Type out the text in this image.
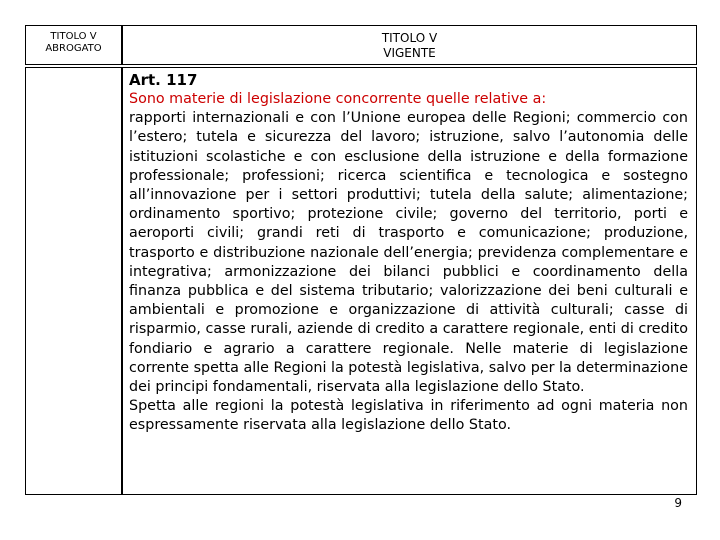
TITOLO V
ABROGATO
TITOLO V
VIGENTE

Art. 117

Sono materie di legislazione concorrente quelle relative a:

rapporti internazionali e con l’Unione europea delle Regioni; commercio con l’estero; tutela e sicurezza del lavoro; istruzione, salvo l’autonomia delle istituzioni scolastiche e con esclusione della istruzione e della formazione professionale; professioni; ricerca scientifica e tecnologica e sostegno all’innovazione per i settori produttivi; tutela della salute; alimentazione; ordinamento sportivo; protezione civile; governo del territorio, porti e aeroporti civili; grandi reti di trasporto e comunicazione; produzione, trasporto e distribuzione nazionale dell’energia; previdenza complementare e integrativa; armonizzazione dei bilanci pubblici e coordinamento della finanza pubblica e del sistema tributario; valorizzazione dei beni culturali e ambientali e promozione e organizzazione di attività culturali; casse di risparmio, casse rurali, aziende di credito a carattere regionale, enti di credito fondiario e agrario a carattere regionale. Nelle materie di legislazione corrente spetta alle Regioni la potestà legislativa, salvo per la determinazione dei principi fondamentali, riservata alla legislazione dello Stato.

Spetta alle regioni la potestà legislativa in riferimento ad ogni materia non espressamente riservata alla legislazione dello Stato.

9
